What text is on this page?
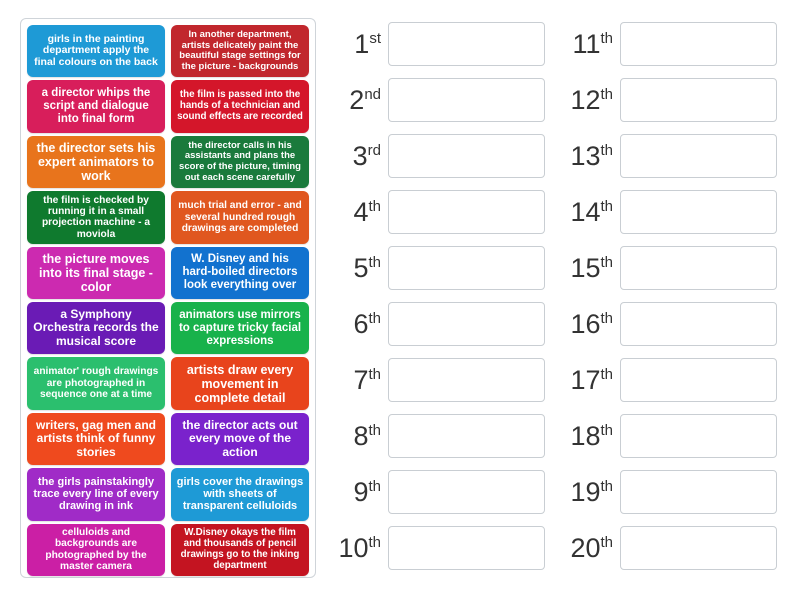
girls in the painting department apply the final colours on the back
In another department, artists delicately paint the beautiful stage settings for the picture - backgrounds
a director whips the script and dialogue into final form
the film is passed into the hands of a technician and sound effects are recorded
the director sets his expert animators to work
the director calls in his assistants and plans the score of the picture, timing out each scene carefully
the film is checked by running it in a small projection machine - a moviola
much trial and error - and several hundred rough drawings are completed
the picture moves into its final stage - color
W. Disney and his hard-boiled directors look everything over
a Symphony Orchestra records the musical score
animators use mirrors to capture tricky facial expressions
animator' rough drawings are photographed in sequence one at a time
artists draw every movement in complete detail
writers, gag men and artists think of funny stories
the director acts out every move of the action
the girls painstakingly trace every line of every drawing in ink
girls cover the drawings with sheets of transparent celluloids
celluloids and backgrounds are photographed by the master camera
W.Disney okays the film and thousands of pencil drawings go to the inking department
1st
2nd
3rd
4th
5th
6th
7th
8th
9th
10th
11th
12th
13th
14th
15th
16th
17th
18th
19th
20th
